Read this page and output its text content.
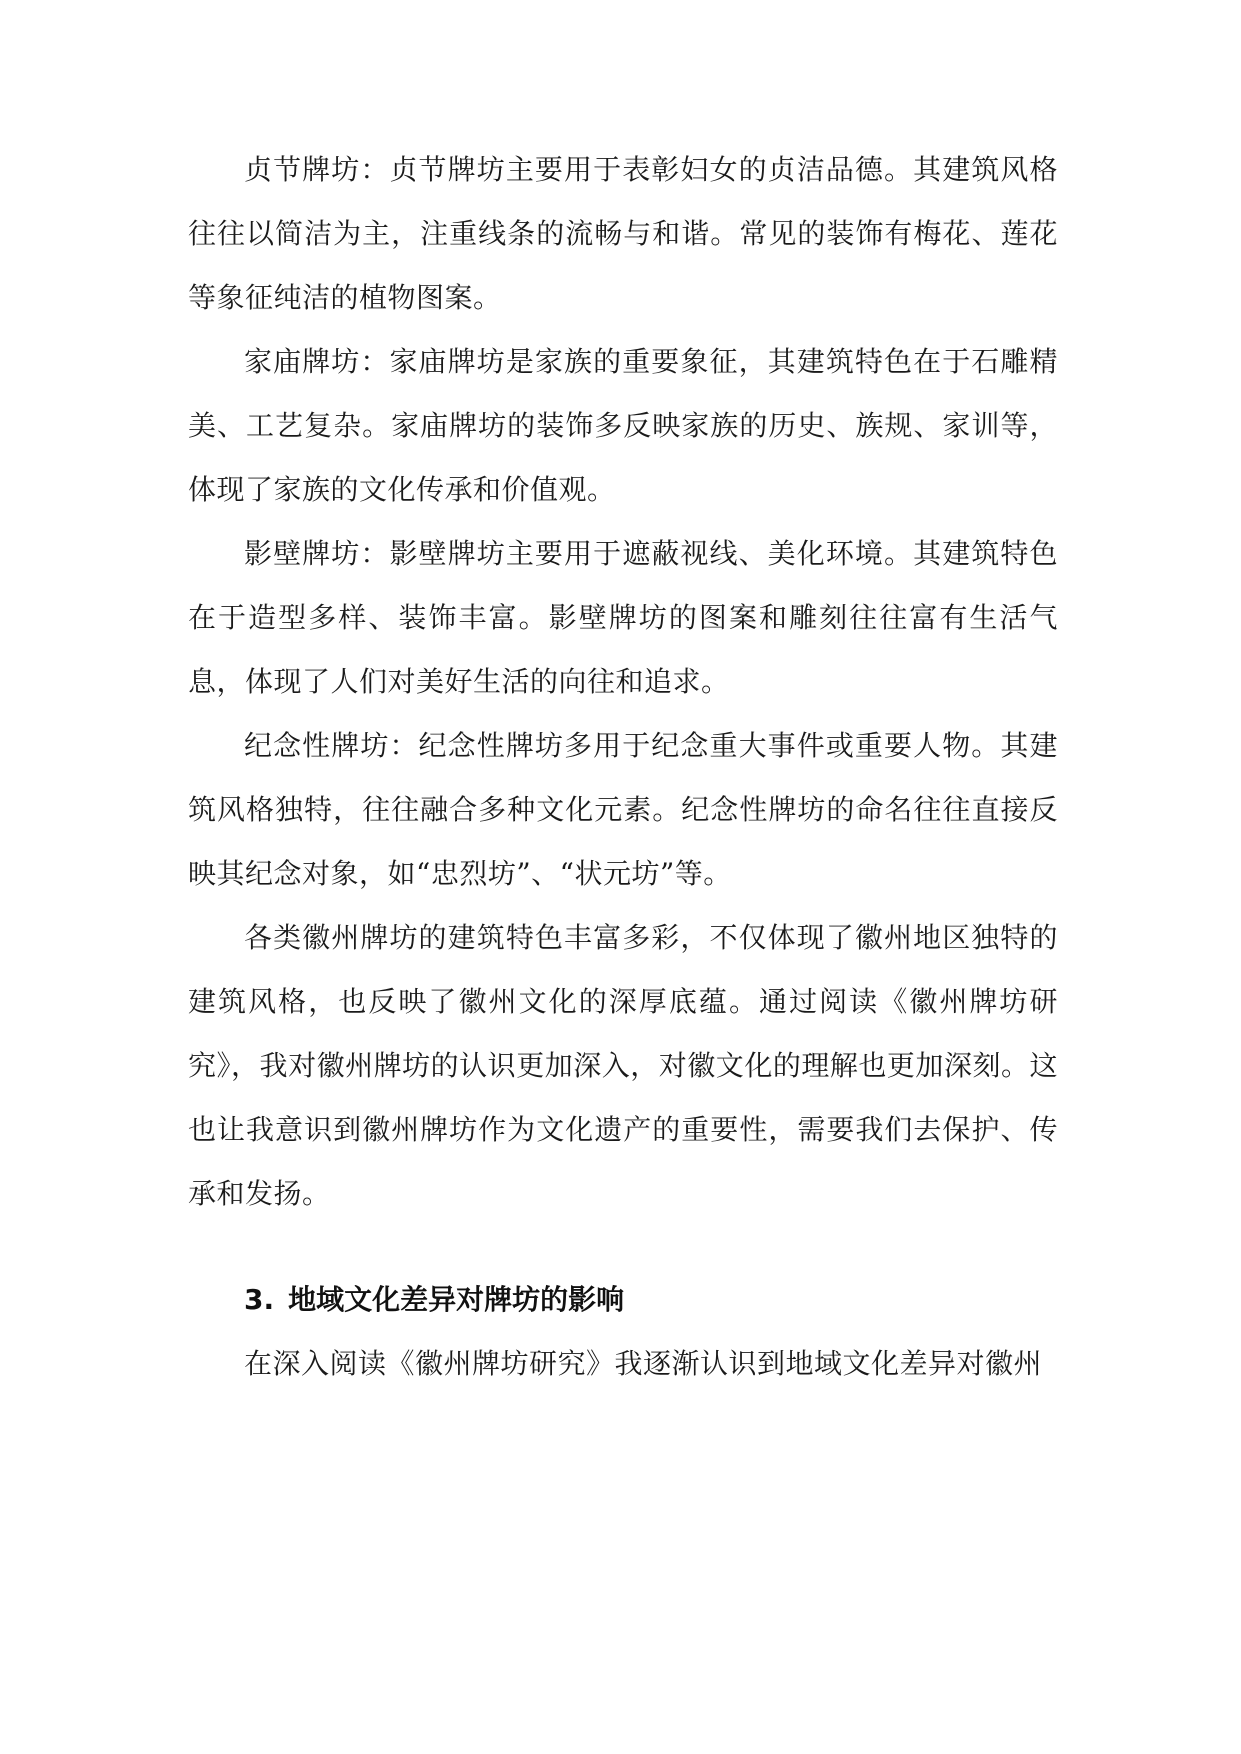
贞节牌坊：贞节牌坊主要用于表彰妇女的贞洁品德。其建筑风格往往以简洁为主，注重线条的流畅与和谐。常见的装饰有梅花、莲花等象征纯洁的植物图案。

家庙牌坊：家庙牌坊是家族的重要象征，其建筑特色在于石雕精美、工艺复杂。家庙牌坊的装饰多反映家族的历史、族规、家训等，体现了家族的文化传承和价值观。

影壁牌坊：影壁牌坊主要用于遮蔽视线、美化环境。其建筑特色在于造型多样、装饰丰富。影壁牌坊的图案和雕刻往往富有生活气息，体现了人们对美好生活的向往和追求。

纪念性牌坊：纪念性牌坊多用于纪念重大事件或重要人物。其建筑风格独特，往往融合多种文化元素。纪念性牌坊的命名往往直接反映其纪念对象，如“忠烈坊”、“状元坊”等。

各类徽州牌坊的建筑特色丰富多彩，不仅体现了徽州地区独特的建筑风格，也反映了徽州文化的深厚底蕴。通过阅读《徽州牌坊研究》，我对徽州牌坊的认识更加深入，对徽文化的理解也更加深刻。这也让我意识到徽州牌坊作为文化遗产的重要性，需要我们去保护、传承和发扬。

3. 地域文化差异对牌坊的影响

在深入阅读《徽州牌坊研究》我逐渐认识到地域文化差异对徽州
